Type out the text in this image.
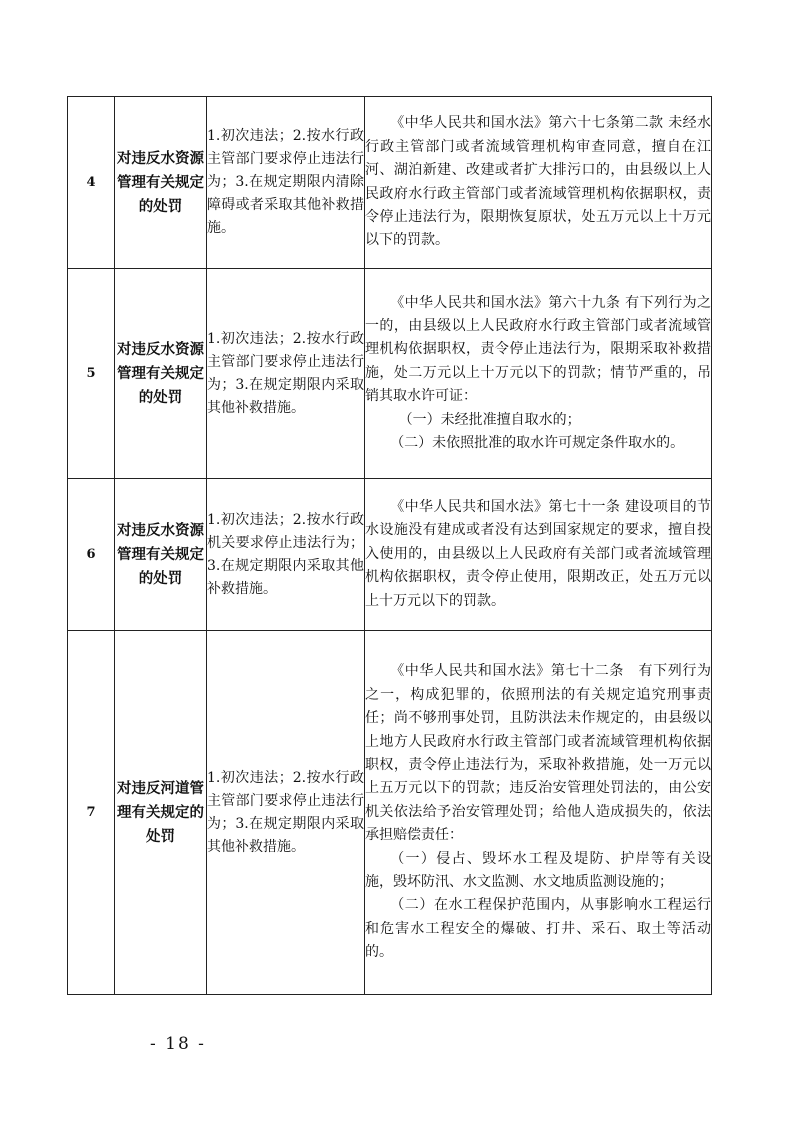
4	对违反水资源管理有关规定的处罚	1.初次违法；2.按水行政主管部门要求停止违法行为；3.在规定期限内清除障碍或者采取其他补救措施。	《中华人民共和国水法》第六十七条第二款 未经水行政主管部门或者流域管理机构审查同意，擅自在江河、湖泊新建、改建或者扩大排污口的，由县级以上人民政府水行政主管部门或者流域管理机构依据职权，责令停止违法行为，限期恢复原状，处五万元以上十万元以下的罚款。

5	对违反水资源管理有关规定的处罚	1.初次违法；2.按水行政主管部门要求停止违法行为；3.在规定期限内采取其他补救措施。	《中华人民共和国水法》第六十九条 有下列行为之一的，由县级以上人民政府水行政主管部门或者流域管理机构依据职权，责令停止违法行为，限期采取补救措施，处二万元以上十万元以下的罚款；情节严重的，吊销其取水许可证：

（一）未经批准擅自取水的；

（二）未依照批准的取水许可规定条件取水的。

6	对违反水资源管理有关规定的处罚	1.初次违法；2.按水行政机关要求停止违法行为；3.在规定期限内采取其他补救措施。	《中华人民共和国水法》第七十一条 建设项目的节水设施没有建成或者没有达到国家规定的要求，擅自投入使用的，由县级以上人民政府有关部门或者流域管理机构依据职权，责令停止使用，限期改正，处五万元以上十万元以下的罚款。

7	对违反河道管理有关规定的处罚	1.初次违法；2.按水行政主管部门要求停止违法行为；3.在规定期限内采取其他补救措施。	《中华人民共和国水法》第七十二条　有下列行为之一，构成犯罪的，依照刑法的有关规定追究刑事责任；尚不够刑事处罚，且防洪法未作规定的，由县级以上地方人民政府水行政主管部门或者流域管理机构依据职权，责令停止违法行为，采取补救措施，处一万元以上五万元以下的罚款；违反治安管理处罚法的，由公安机关依法给予治安管理处罚；给他人造成损失的，依法承担赔偿责任：

（一）侵占、毁坏水工程及堤防、护岸等有关设施，毁坏防汛、水文监测、水文地质监测设施的；

（二）在水工程保护范围内，从事影响水工程运行和危害水工程安全的爆破、打井、采石、取土等活动的。

- 18 -
